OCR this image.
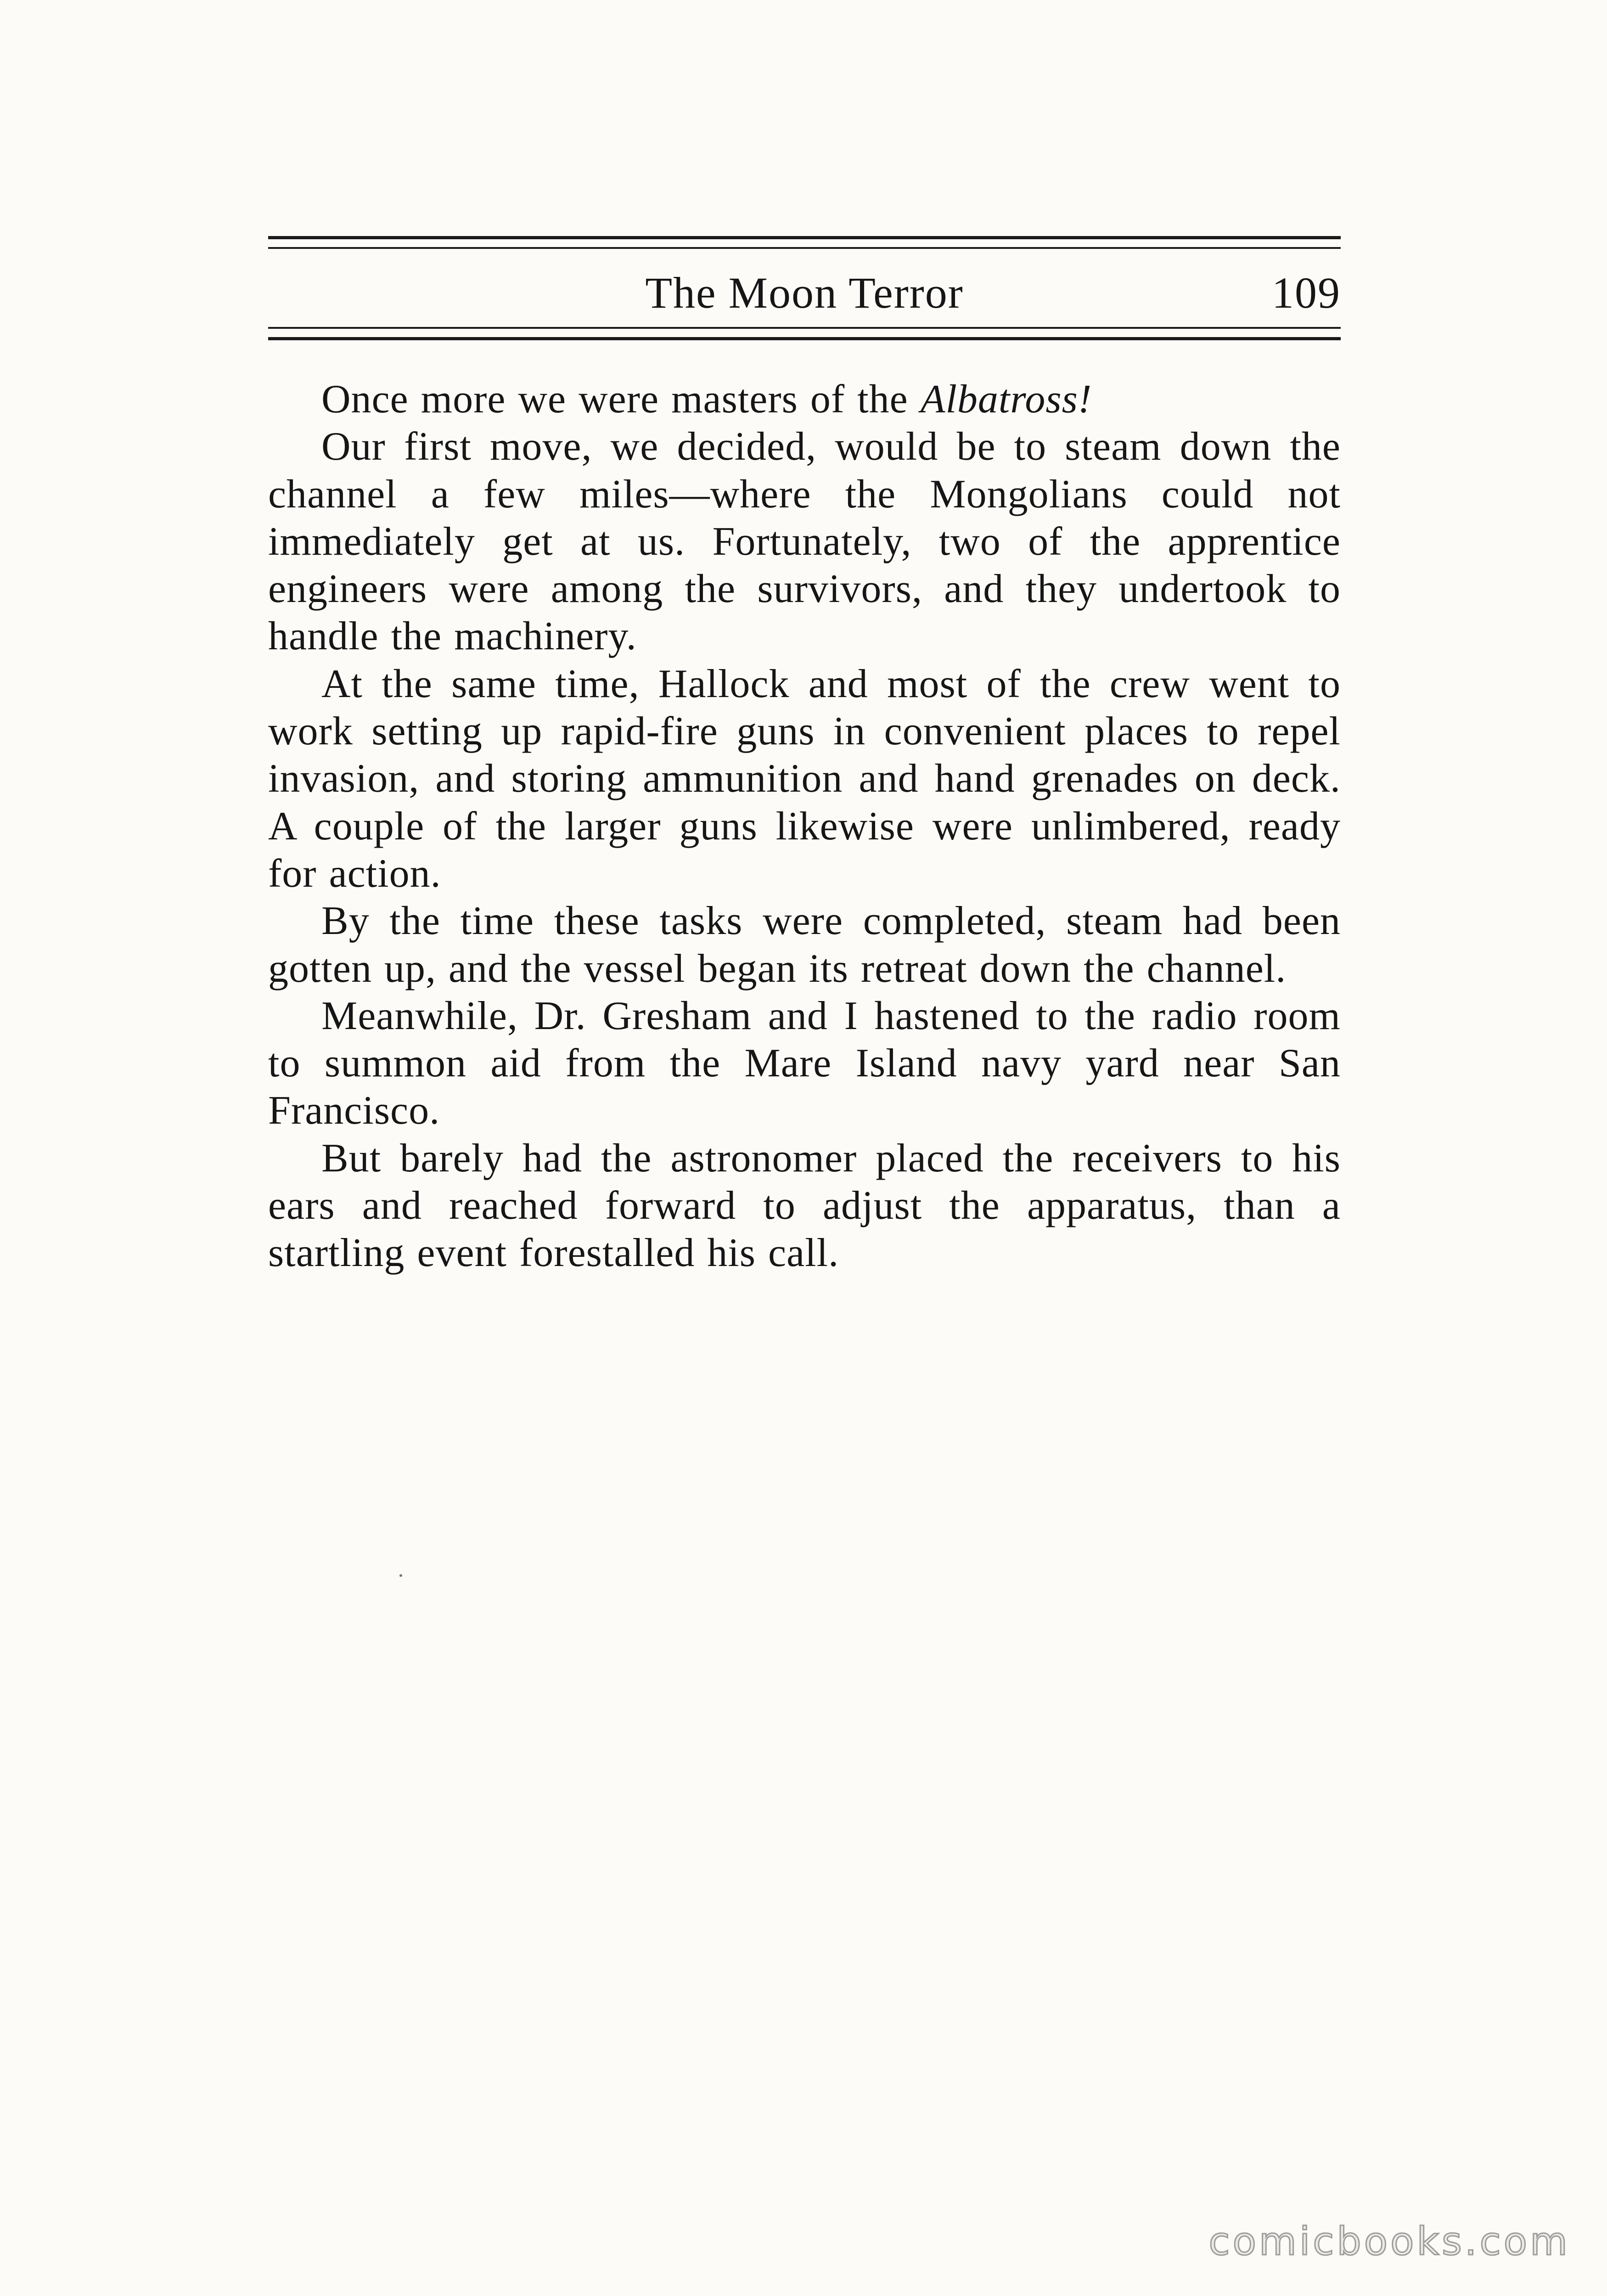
The Moon Terror	109

Once more we were masters of the Albatross!

Our first move, we decided, would be to steam down the channel a few miles—where the Mongolians could not immediately get at us. Fortunately, two of the apprentice engineers were among the survivors, and they undertook to handle the machinery.

At the same time, Hallock and most of the crew went to work setting up rapid-fire guns in convenient places to repel invasion, and storing ammunition and hand grenades on deck. A couple of the larger guns likewise were unlimbered, ready for action.

By the time these tasks were completed, steam had been gotten up, and the vessel began its retreat down the channel.

Meanwhile, Dr. Gresham and I hastened to the radio room to summon aid from the Mare Island navy yard near San Francisco.

But barely had the astronomer placed the receivers to his ears and reached forward to adjust the apparatus, than a startling event forestalled his call.

comicbooks.com
